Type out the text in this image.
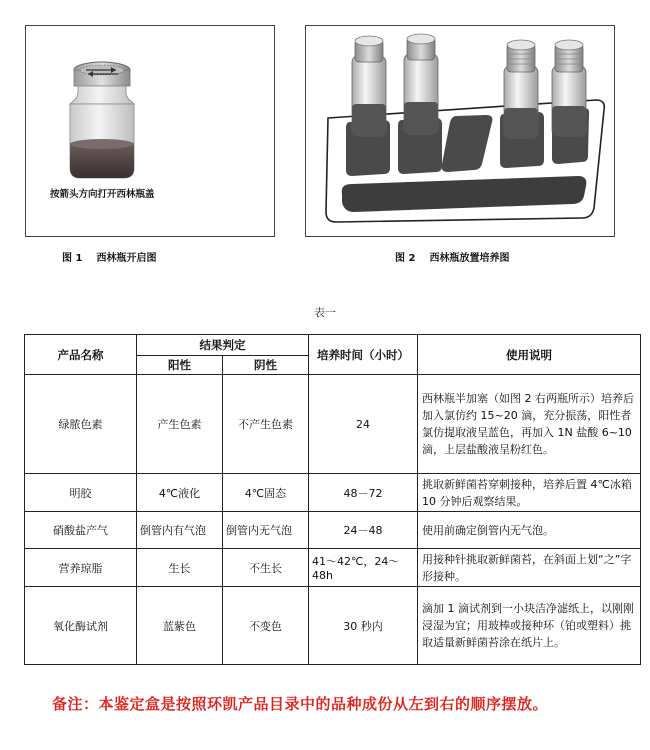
按箭头方向打开西林瓶盖
图 1 西林瓶开启图	图 2 西林瓶放置培养图
表一
产品名称	结果判定		培养时间（小时）	使用说明
	阳性	阴性		
绿脓色素	产生色素	不产生色素	24	西林瓶半加塞（如图 2 右两瓶所示）培养后加入氯仿约 15~20 滴，充分振荡，阳性者氯仿提取液呈蓝色，再加入 1N 盐酸 6~10 滴，上层盐酸液呈粉红色。
明胶	4℃液化	4℃固态	48－72	挑取新鲜菌苔穿刺接种，培养后置 4℃冰箱 10 分钟后观察结果。
硝酸盐产气	倒管内有气泡	倒管内无气泡	24－48	使用前确定倒管内无气泡。
营养琼脂	生长	不生长	41～42℃，24～48h	用接种针挑取新鲜菌苔，在斜面上划“之”字形接种。
氧化酶试剂	蓝紫色	不变色	30 秒内	滴加 1 滴试剂到一小块洁净滤纸上，以刚刚浸湿为宜；用玻棒或接种环（铂或塑料）挑取适量新鲜菌苔涂在纸片上。
备注：本鉴定盒是按照环凯产品目录中的品种成份从左到右的顺序摆放。
